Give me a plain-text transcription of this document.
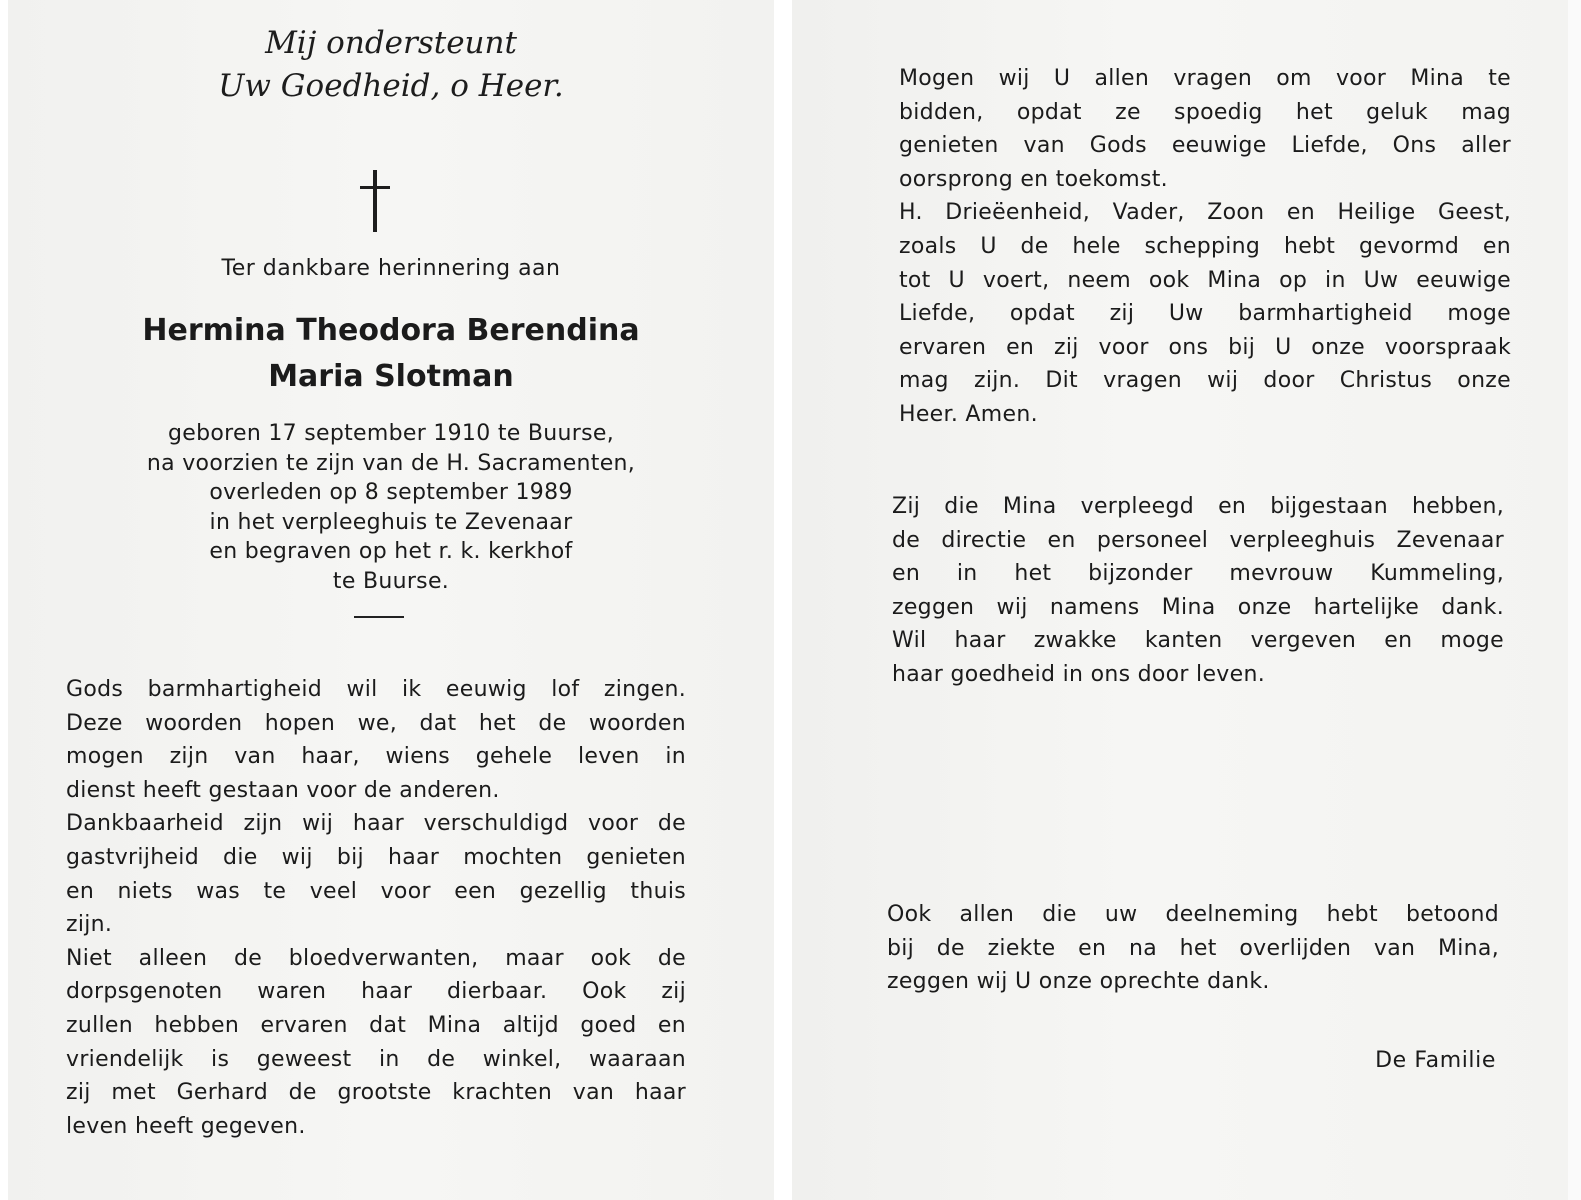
Mij ondersteunt
Uw Goedheid, o Heer.
Ter dankbare herinnering aan
Hermina Theodora Berendina
Maria Slotman
geboren 17 september 1910 te Buurse,
na voorzien te zijn van de H. Sacramenten,
overleden op 8 september 1989
in het verpleeghuis te Zevenaar
en begraven op het r. k. kerkhof
te Buurse.
Gods barmhartigheid wil ik eeuwig lof zingen.
Deze woorden hopen we, dat het de woorden
mogen zijn van haar, wiens gehele leven in
dienst heeft gestaan voor de anderen.
Dankbaarheid zijn wij haar verschuldigd voor de
gastvrijheid die wij bij haar mochten genieten
en niets was te veel voor een gezellig thuis
zijn.
Niet alleen de bloedverwanten, maar ook de
dorpsgenoten waren haar dierbaar. Ook zij
zullen hebben ervaren dat Mina altijd goed en
vriendelijk is geweest in de winkel, waaraan
zij met Gerhard de grootste krachten van haar
leven heeft gegeven.
Mogen wij U allen vragen om voor Mina te
bidden, opdat ze spoedig het geluk mag
genieten van Gods eeuwige Liefde, Ons aller
oorsprong en toekomst.
H. Drieëenheid, Vader, Zoon en Heilige Geest,
zoals U de hele schepping hebt gevormd en
tot U voert, neem ook Mina op in Uw eeuwige
Liefde, opdat zij Uw barmhartigheid moge
ervaren en zij voor ons bij U onze voorspraak
mag zijn. Dit vragen wij door Christus onze
Heer. Amen.
Zij die Mina verpleegd en bijgestaan hebben,
de directie en personeel verpleeghuis Zevenaar
en in het bijzonder mevrouw Kummeling,
zeggen wij namens Mina onze hartelijke dank.
Wil haar zwakke kanten vergeven en moge
haar goedheid in ons door leven.
Ook allen die uw deelneming hebt betoond
bij de ziekte en na het overlijden van Mina,
zeggen wij U onze oprechte dank.
De Familie
